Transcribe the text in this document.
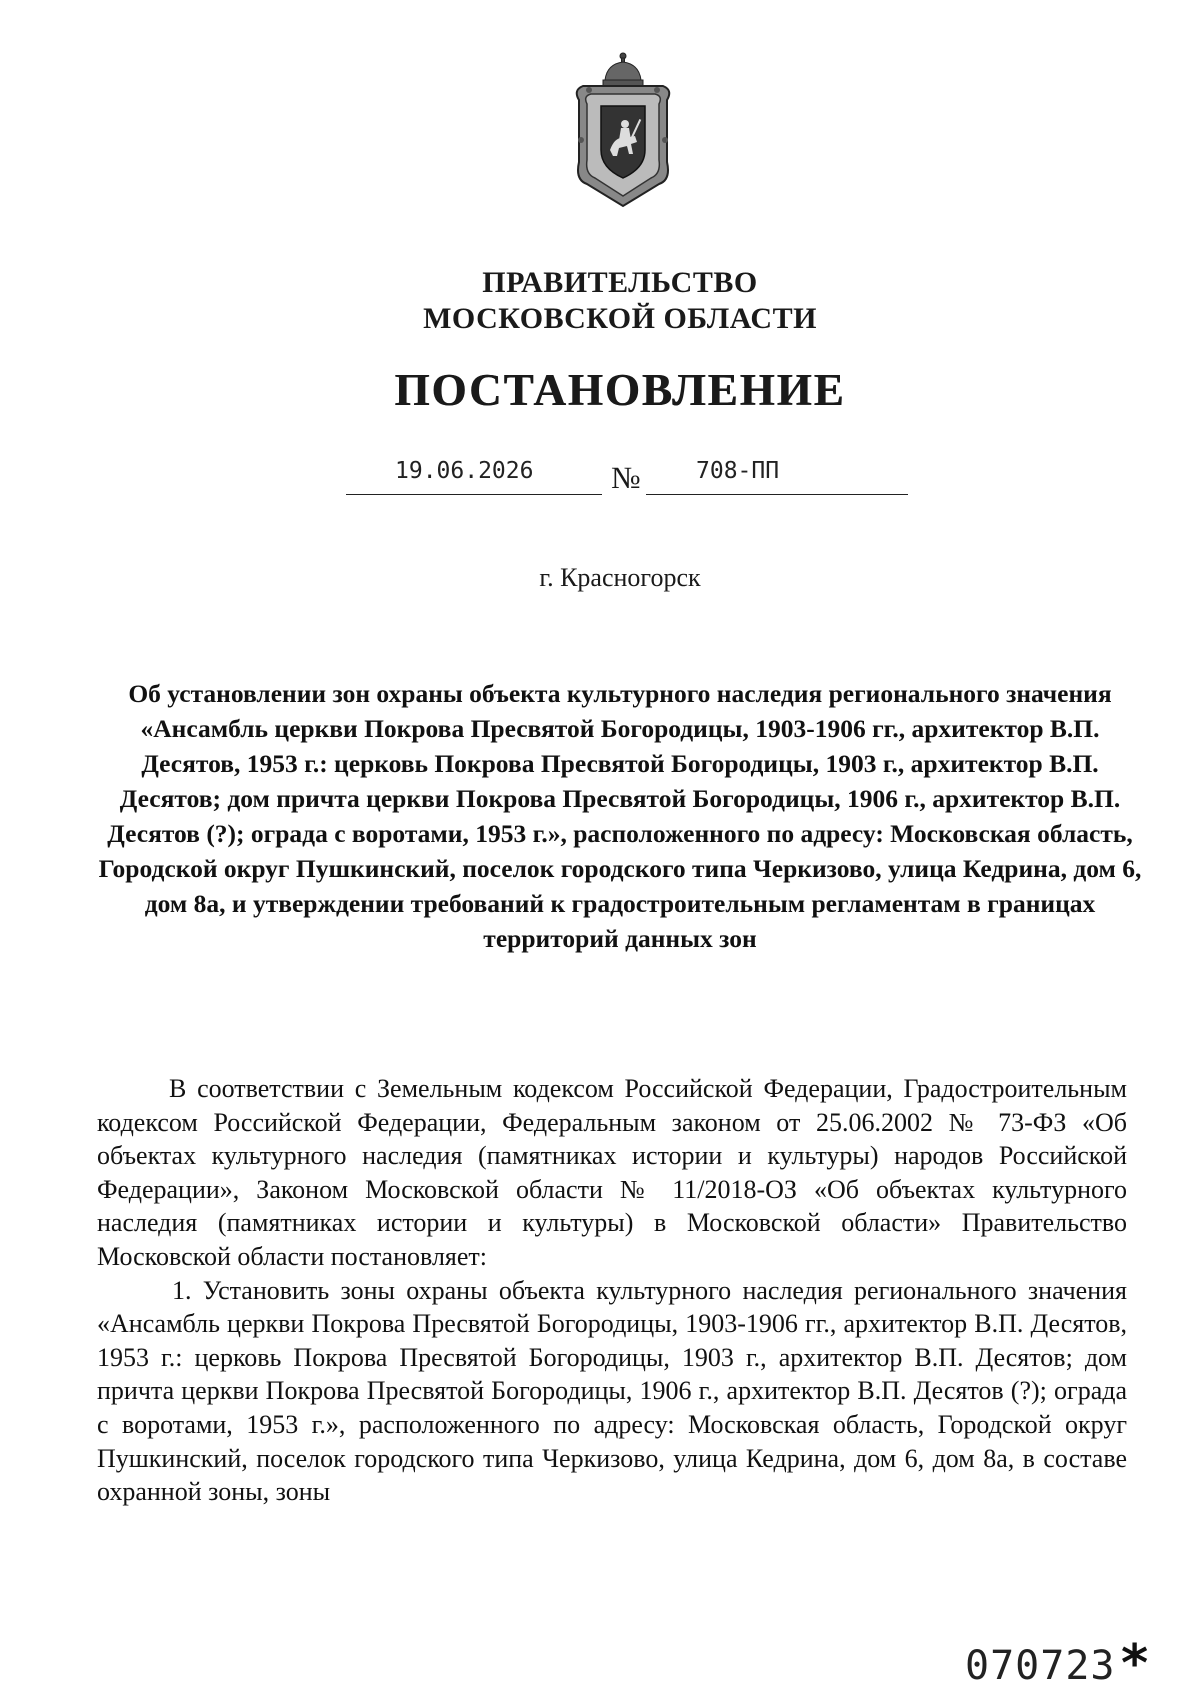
ПРАВИТЕЛЬСТВО
МОСКОВСКОЙ ОБЛАСТИ
ПОСТАНОВЛЕНИЕ
19.06.2026	№ 708-ПП
г. Красногорск

Об установлении зон охраны объекта культурного наследия регионального значения «Ансамбль церкви Покрова Пресвятой Богородицы, 1903-1906 гг., архитектор В.П. Десятов, 1953 г.: церковь Покрова Пресвятой Богородицы, 1903 г., архитектор В.П. Десятов; дом причта церкви Покрова Пресвятой Богородицы, 1906 г., архитектор В.П. Десятов (?); ограда с воротами, 1953 г.», расположенного по адресу: Московская область, Городской округ Пушкинский, поселок городского типа Черкизово, улица Кедрина, дом 6, дом 8а, и утверждении требований к градостроительным регламентам в границах территорий данных зон

В соответствии с Земельным кодексом Российской Федерации, Градостроительным кодексом Российской Федерации, Федеральным законом от 25.06.2002 № 73-ФЗ «Об объектах культурного наследия (памятниках истории и культуры) народов Российской Федерации», Законом Московской области № 11/2018-ОЗ «Об объектах культурного наследия (памятниках истории и культуры) в Московской области» Правительство Московской области постановляет:

1. Установить зоны охраны объекта культурного наследия регионального значения «Ансамбль церкви Покрова Пресвятой Богородицы, 1903-1906 гг., архитектор В.П. Десятов, 1953 г.: церковь Покрова Пресвятой Богородицы, 1903 г., архитектор В.П. Десятов; дом причта церкви Покрова Пресвятой Богородицы, 1906 г., архитектор В.П. Десятов (?); ограда с воротами, 1953 г.», расположенного по адресу: Московская область, Городской округ Пушкинский, поселок городского типа Черкизово, улица Кедрина, дом 6, дом 8а, в составе охранной зоны, зоны

070723 *
